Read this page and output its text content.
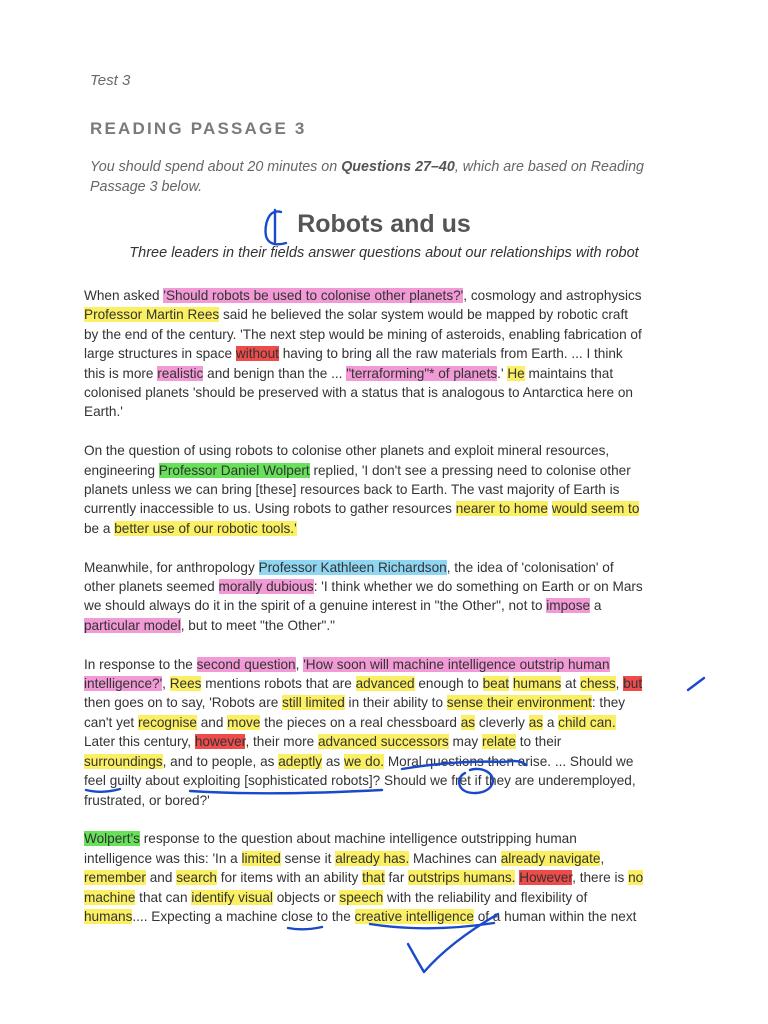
Test 3
READING PASSAGE 3
You should spend about 20 minutes on Questions 27–40, which are based on Reading Passage 3 below.
Robots and us
Three leaders in their fields answer questions about our relationships with robot

When asked 'Should robots be used to colonise other planets?', cosmology and astrophysics
Professor Martin Rees said he believed the solar system would be mapped by robotic craft
by the end of the century. 'The next step would be mining of asteroids, enabling fabrication of
large structures in space without having to bring all the raw materials from Earth. ... I think
this is more realistic and benign than the ... "terraforming"* of planets.' He maintains that
colonised planets 'should be preserved with a status that is analogous to Antarctica here on
Earth.'

On the question of using robots to colonise other planets and exploit mineral resources,
engineering Professor Daniel Wolpert replied, 'I don't see a pressing need to colonise other
planets unless we can bring [these] resources back to Earth. The vast majority of Earth is
currently inaccessible to us. Using robots to gather resources nearer to home would seem to
be a better use of our robotic tools.'

Meanwhile, for anthropology Professor Kathleen Richardson, the idea of 'colonisation' of
other planets seemed morally dubious: 'I think whether we do something on Earth or on Mars
we should always do it in the spirit of a genuine interest in "the Other", not to impose a
particular model, but to meet "the Other"."

In response to the second question, 'How soon will machine intelligence outstrip human
intelligence?', Rees mentions robots that are advanced enough to beat humans at chess, but
then goes on to say, 'Robots are still limited in their ability to sense their environment: they
can't yet recognise and move the pieces on a real chessboard as cleverly as a child can.
Later this century, however, their more advanced successors may relate to their
surroundings, and to people, as adeptly as we do. Moral questions then arise. ... Should we
feel guilty about exploiting [sophisticated robots]? Should we fret if they are underemployed,
frustrated, or bored?'

Wolpert's response to the question about machine intelligence outstripping human
intelligence was this: 'In a limited sense it already has. Machines can already navigate,
remember and search for items with an ability that far outstrips humans. However, there is no
machine that can identify visual objects or speech with the reliability and flexibility of
humans.... Expecting a machine close to the creative intelligence of a human within the next
